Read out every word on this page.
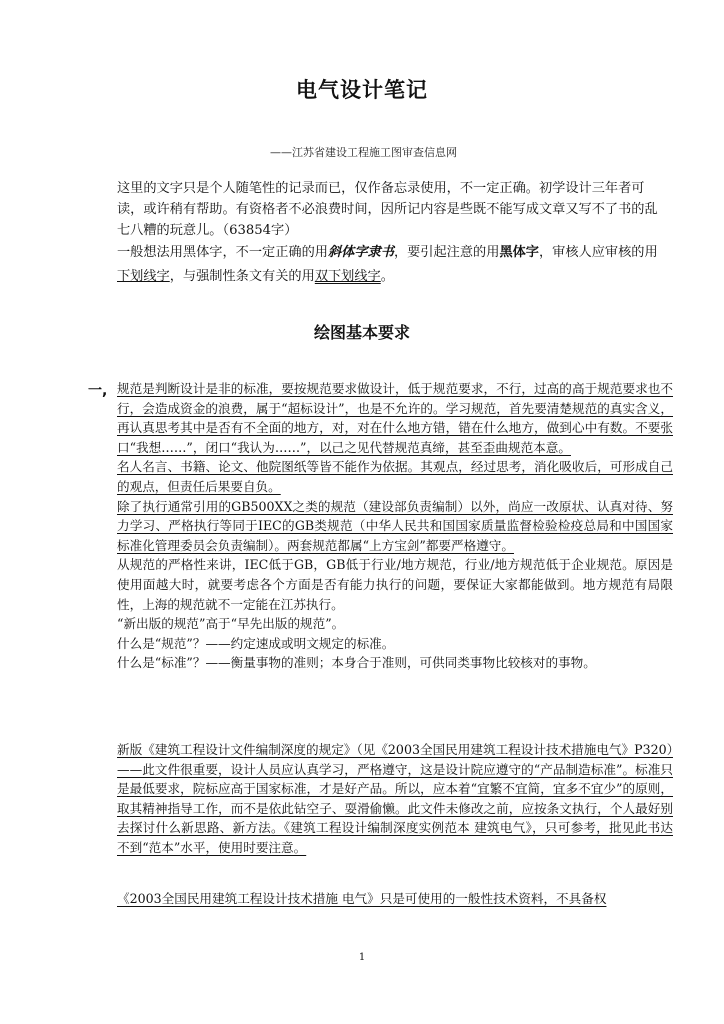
电气设计笔记
——江苏省建设工程施工图审查信息网

这里的文字只是个人随笔性的记录而已，仅作备忘录使用，不一定正确。初学设计三年者可读，或许稍有帮助。有资格者不必浪费时间，因所记内容是些既不能写成文章又写不了书的乱七八糟的玩意儿。（63854字）

一般想法用黑体字，不一定正确的用斜体字隶书，要引起注意的用黑体字，审核人应审核的用下划线字，与强制性条文有关的用双下划线字。

绘图基本要求
一, 规范是判断设计是非的标准，要按规范要求做设计，低于规范要求，不行，过高的高于规范要求也不行，会造成资金的浪费，属于“超标设计”，也是不允许的。学习规范，首先要清楚规范的真实含义，再认真思考其中是否有不全面的地方，对，对在什么地方错，错在什么地方，做到心中有数。不要张口“我想……”，闭口“我认为……”，以己之见代替规范真缔，甚至歪曲规范本意。
名人名言、书籍、论文、他院图纸等皆不能作为依据。其观点，经过思考，消化吸收后，可形成自己的观点，但责任后果要自负。
除了执行通常引用的GB500XX之类的规范（建设部负责编制）以外，尚应一改原状、认真对待、努力学习、严格执行等同于IEC的GB类规范（中华人民共和国国家质量监督检验检疫总局和中国国家标准化管理委员会负责编制）。两套规范都属“上方宝剑”都要严格遵守。
从规范的严格性来讲，IEC低于GB，GB低于行业/地方规范，行业/地方规范低于企业规范。原因是使用面越大时，就要考虑各个方面是否有能力执行的问题，要保证大家都能做到。地方规范有局限性，上海的规范就不一定能在江苏执行。
“新出版的规范”高于“早先出版的规范”。
什么是“规范”？——约定速成或明文规定的标准。
什么是“标准”？——衡量事物的准则；本身合于准则，可供同类事物比较核对的事物。
新版《建筑工程设计文件编制深度的规定》（见《2003全国民用建筑工程设计技术措施电气》P320）——此文件很重要，设计人员应认真学习，严格遵守，这是设计院应遵守的“产品制造标准”。标准只是最低要求，院标应高于国家标准，才是好产品。所以，应本着“宜繁不宜简，宜多不宜少”的原则，取其精神指导工作，而不是依此钻空子、耍滑偷懒。此文件未修改之前，应按条文执行，个人最好别去探讨什么新思路、新方法。《建筑工程设计编制深度实例范本 建筑电气》，只可参考，批见此书达不到“范本”水平，使用时要注意。
《2003全国民用建筑工程设计技术措施 电气》只是可使用的一般性技术资料，不具备权
1
